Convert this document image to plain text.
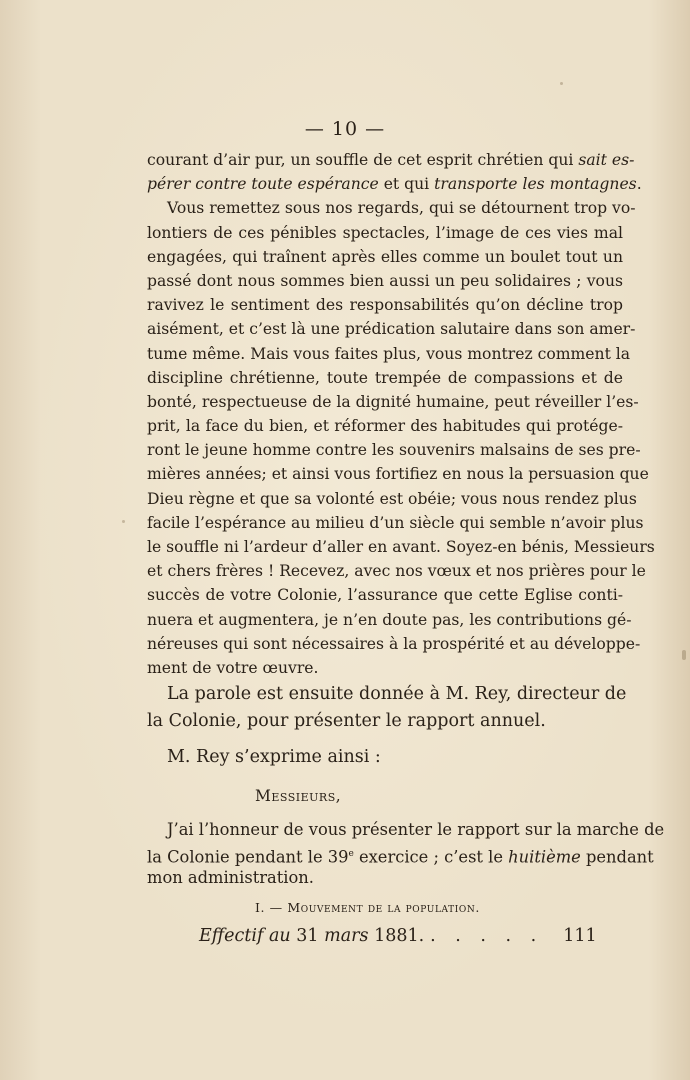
— 10 —
courant d’air pur, un souffle de cet esprit chrétien qui sait es-
pérer contre toute espérance et qui transporte les montagnes.
Vous remettez sous nos regards, qui se détournent trop vo-
lontiers de ces pénibles spectacles, l’image de ces vies mal
engagées, qui traînent après elles comme un boulet tout un
passé dont nous sommes bien aussi un peu solidaires ; vous
ravivez le sentiment des responsabilités qu’on décline trop
aisément, et c’est là une prédication salutaire dans son amer-
tume même. Mais vous faites plus, vous montrez comment la
discipline chrétienne, toute trempée de compassions et de
bonté, respectueuse de la dignité humaine, peut réveiller l’es-
prit, la face du bien, et réformer des habitudes qui protége-
ront le jeune homme contre les souvenirs malsains de ses pre-
mières années; et ainsi vous fortifiez en nous la persuasion que
Dieu règne et que sa volonté est obéie; vous nous rendez plus
facile l’espérance au milieu d’un siècle qui semble n’avoir plus
le souffle ni l’ardeur d’aller en avant. Soyez-en bénis, Messieurs
et chers frères ! Recevez, avec nos vœux et nos prières pour le
succès de votre Colonie, l’assurance que cette Eglise conti-
nuera et augmentera, je n’en doute pas, les contributions gé-
néreuses qui sont nécessaires à la prospérité et au développe-
ment de votre œuvre.
La parole est ensuite donnée à M. Rey, directeur de
la Colonie, pour présenter le rapport annuel.
M. Rey s’exprime ainsi :
Messieurs,
J’ai l’honneur de vous présenter le rapport sur la marche de
la Colonie pendant le 39e exercice ; c’est le huitième pendant
mon administration.
I. — Mouvement de la population.
Effectif au 31 mars 1881. . . . . . 111
